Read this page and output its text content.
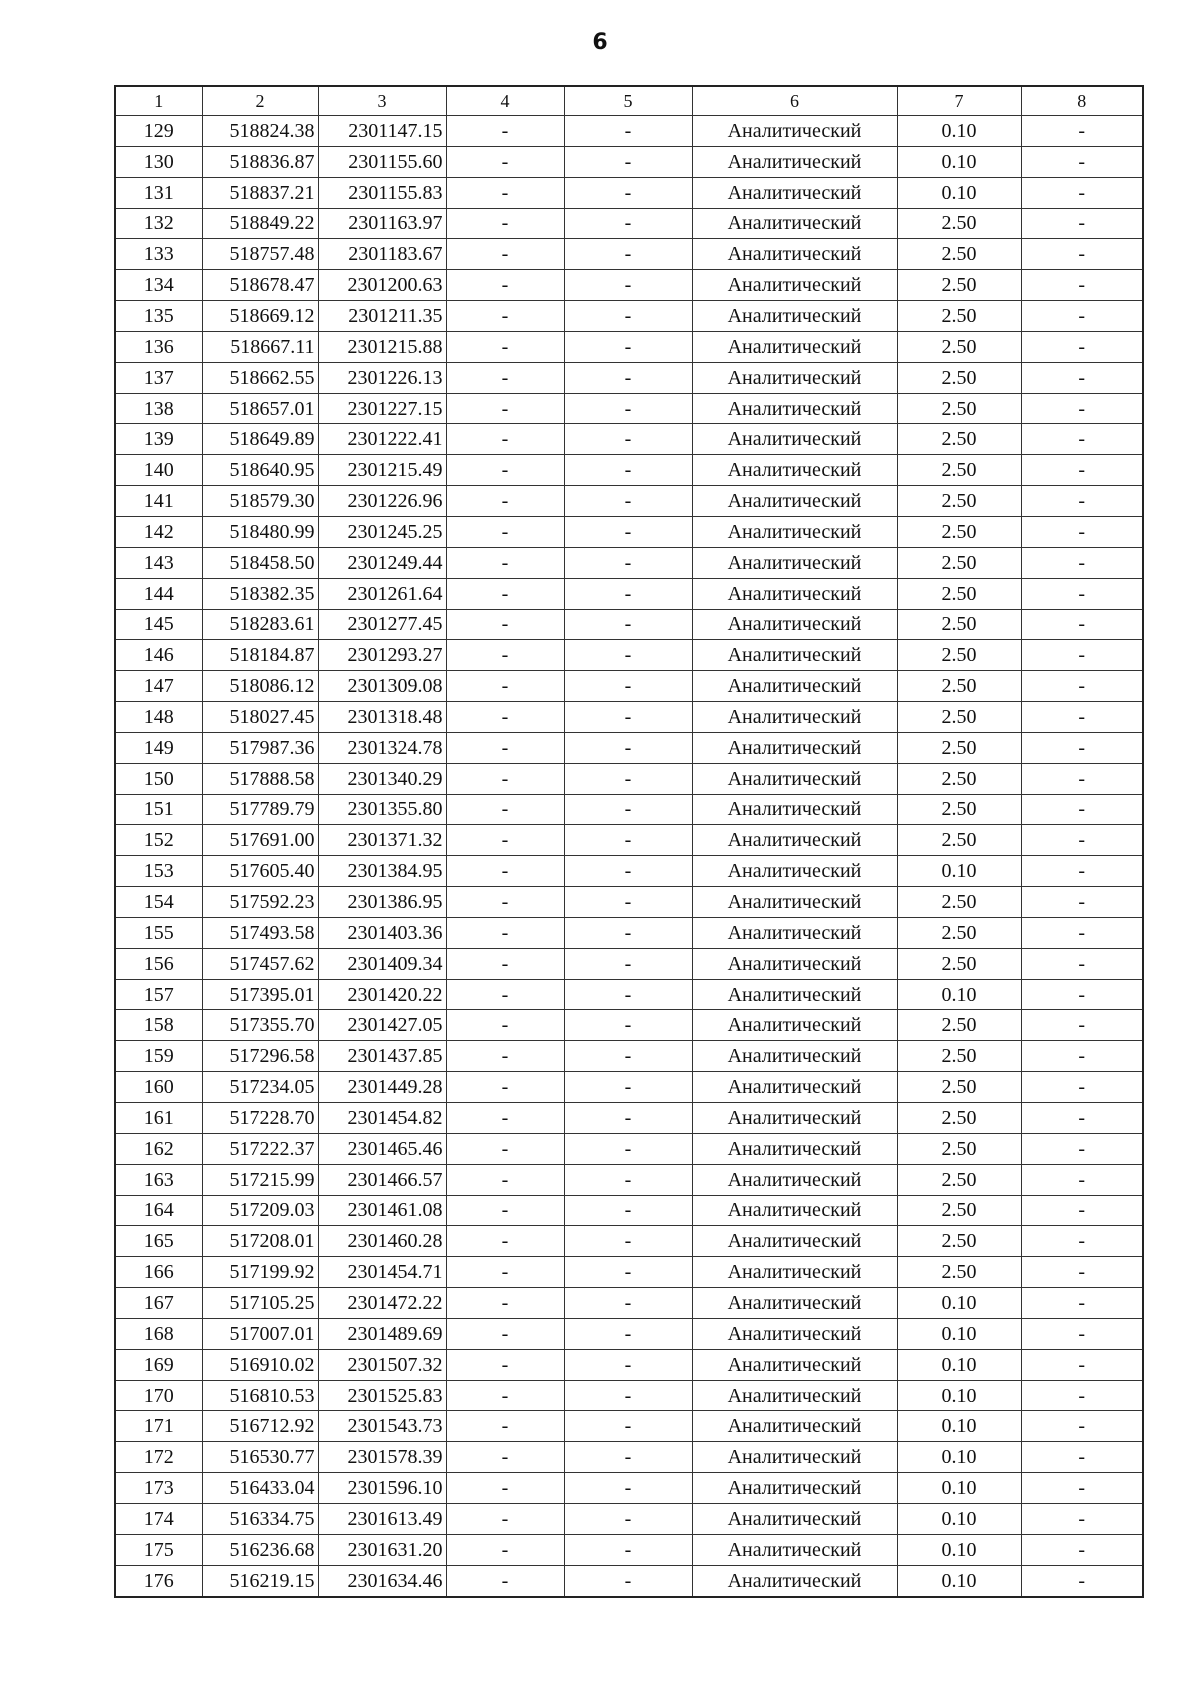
6
1	2	3	4	5	6	7	8
129	518824.38	2301147.15	-	-	Аналитический	0.10	-
130	518836.87	2301155.60	-	-	Аналитический	0.10	-
131	518837.21	2301155.83	-	-	Аналитический	0.10	-
132	518849.22	2301163.97	-	-	Аналитический	2.50	-
133	518757.48	2301183.67	-	-	Аналитический	2.50	-
134	518678.47	2301200.63	-	-	Аналитический	2.50	-
135	518669.12	2301211.35	-	-	Аналитический	2.50	-
136	518667.11	2301215.88	-	-	Аналитический	2.50	-
137	518662.55	2301226.13	-	-	Аналитический	2.50	-
138	518657.01	2301227.15	-	-	Аналитический	2.50	-
139	518649.89	2301222.41	-	-	Аналитический	2.50	-
140	518640.95	2301215.49	-	-	Аналитический	2.50	-
141	518579.30	2301226.96	-	-	Аналитический	2.50	-
142	518480.99	2301245.25	-	-	Аналитический	2.50	-
143	518458.50	2301249.44	-	-	Аналитический	2.50	-
144	518382.35	2301261.64	-	-	Аналитический	2.50	-
145	518283.61	2301277.45	-	-	Аналитический	2.50	-
146	518184.87	2301293.27	-	-	Аналитический	2.50	-
147	518086.12	2301309.08	-	-	Аналитический	2.50	-
148	518027.45	2301318.48	-	-	Аналитический	2.50	-
149	517987.36	2301324.78	-	-	Аналитический	2.50	-
150	517888.58	2301340.29	-	-	Аналитический	2.50	-
151	517789.79	2301355.80	-	-	Аналитический	2.50	-
152	517691.00	2301371.32	-	-	Аналитический	2.50	-
153	517605.40	2301384.95	-	-	Аналитический	0.10	-
154	517592.23	2301386.95	-	-	Аналитический	2.50	-
155	517493.58	2301403.36	-	-	Аналитический	2.50	-
156	517457.62	2301409.34	-	-	Аналитический	2.50	-
157	517395.01	2301420.22	-	-	Аналитический	0.10	-
158	517355.70	2301427.05	-	-	Аналитический	2.50	-
159	517296.58	2301437.85	-	-	Аналитический	2.50	-
160	517234.05	2301449.28	-	-	Аналитический	2.50	-
161	517228.70	2301454.82	-	-	Аналитический	2.50	-
162	517222.37	2301465.46	-	-	Аналитический	2.50	-
163	517215.99	2301466.57	-	-	Аналитический	2.50	-
164	517209.03	2301461.08	-	-	Аналитический	2.50	-
165	517208.01	2301460.28	-	-	Аналитический	2.50	-
166	517199.92	2301454.71	-	-	Аналитический	2.50	-
167	517105.25	2301472.22	-	-	Аналитический	0.10	-
168	517007.01	2301489.69	-	-	Аналитический	0.10	-
169	516910.02	2301507.32	-	-	Аналитический	0.10	-
170	516810.53	2301525.83	-	-	Аналитический	0.10	-
171	516712.92	2301543.73	-	-	Аналитический	0.10	-
172	516530.77	2301578.39	-	-	Аналитический	0.10	-
173	516433.04	2301596.10	-	-	Аналитический	0.10	-
174	516334.75	2301613.49	-	-	Аналитический	0.10	-
175	516236.68	2301631.20	-	-	Аналитический	0.10	-
176	516219.15	2301634.46	-	-	Аналитический	0.10	-
